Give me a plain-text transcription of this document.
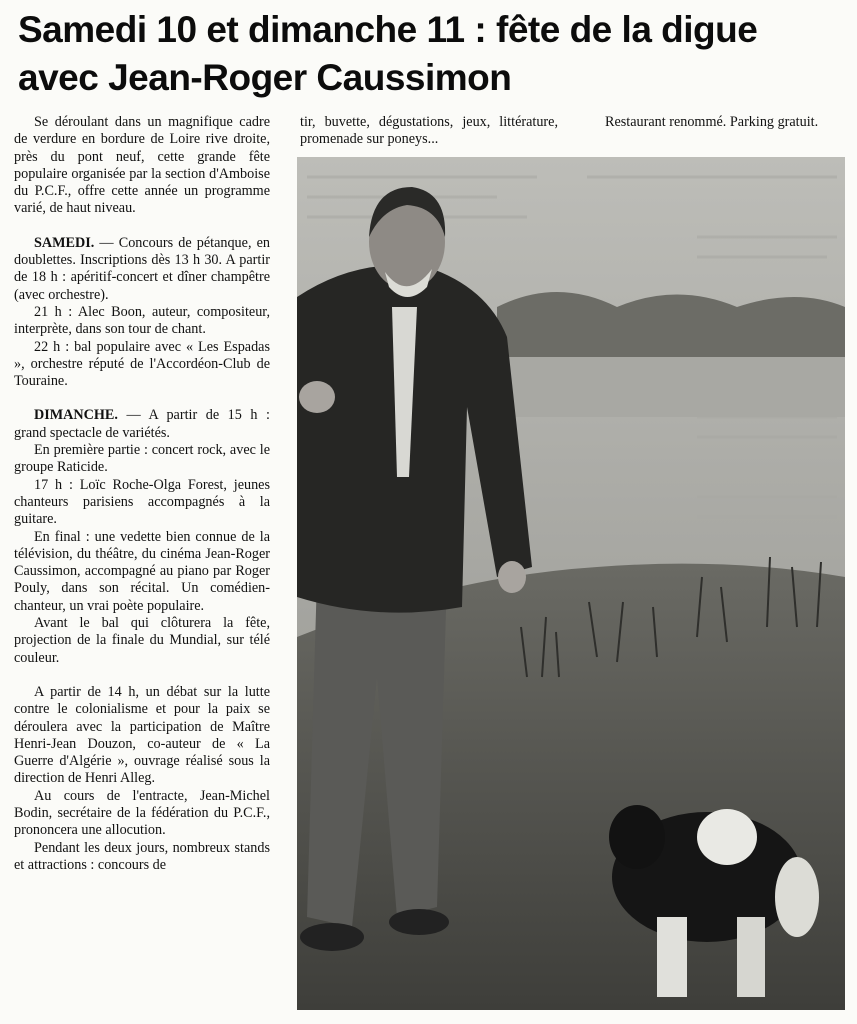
Samedi 10 et dimanche 11 : fête de la digue
avec Jean-Roger Caussimon

Se déroulant dans un magnifique cadre de verdure en bordure de Loire rive droite, près du pont neuf, cette grande fête populaire organisée par la section d'Amboise du P.C.F., offre cette année un programme varié, de haut niveau.

SAMEDI. — Concours de pétanque, en doublettes. Inscriptions dès 13 h 30. A partir de 18 h : apéritif-concert et dîner champêtre (avec orchestre).

21 h : Alec Boon, auteur, compositeur, interprète, dans son tour de chant.

22 h : bal populaire avec « Les Espadas », orchestre réputé de l'Accordéon-Club de Touraine.

DIMANCHE. — A partir de 15 h : grand spectacle de variétés.

En première partie : concert rock, avec le groupe Raticide.

17 h : Loïc Roche-Olga Forest, jeunes chanteurs parisiens accompagnés à la guitare.

En final : une vedette bien connue de la télévision, du théâtre, du cinéma Jean-Roger Caussimon, accompagné au piano par Roger Pouly, dans son récital. Un comédien-chanteur, un vrai poète populaire.

Avant le bal qui clôturera la fête, projection de la finale du Mundial, sur télé couleur.

A partir de 14 h, un débat sur la lutte contre le colonialisme et pour la paix se déroulera avec la participation de Maître Henri-Jean Douzon, co-auteur de « La Guerre d'Algérie », ouvrage réalisé sous la direction de Henri Alleg.

Au cours de l'entracte, Jean-Michel Bodin, secrétaire de la fédération du P.C.F., prononcera une allocution.

Pendant les deux jours, nombreux stands et attractions : concours de

tir, buvette, dégustations, jeux, littérature, promenade sur poneys...

Restaurant renommé. Parking gratuit.
